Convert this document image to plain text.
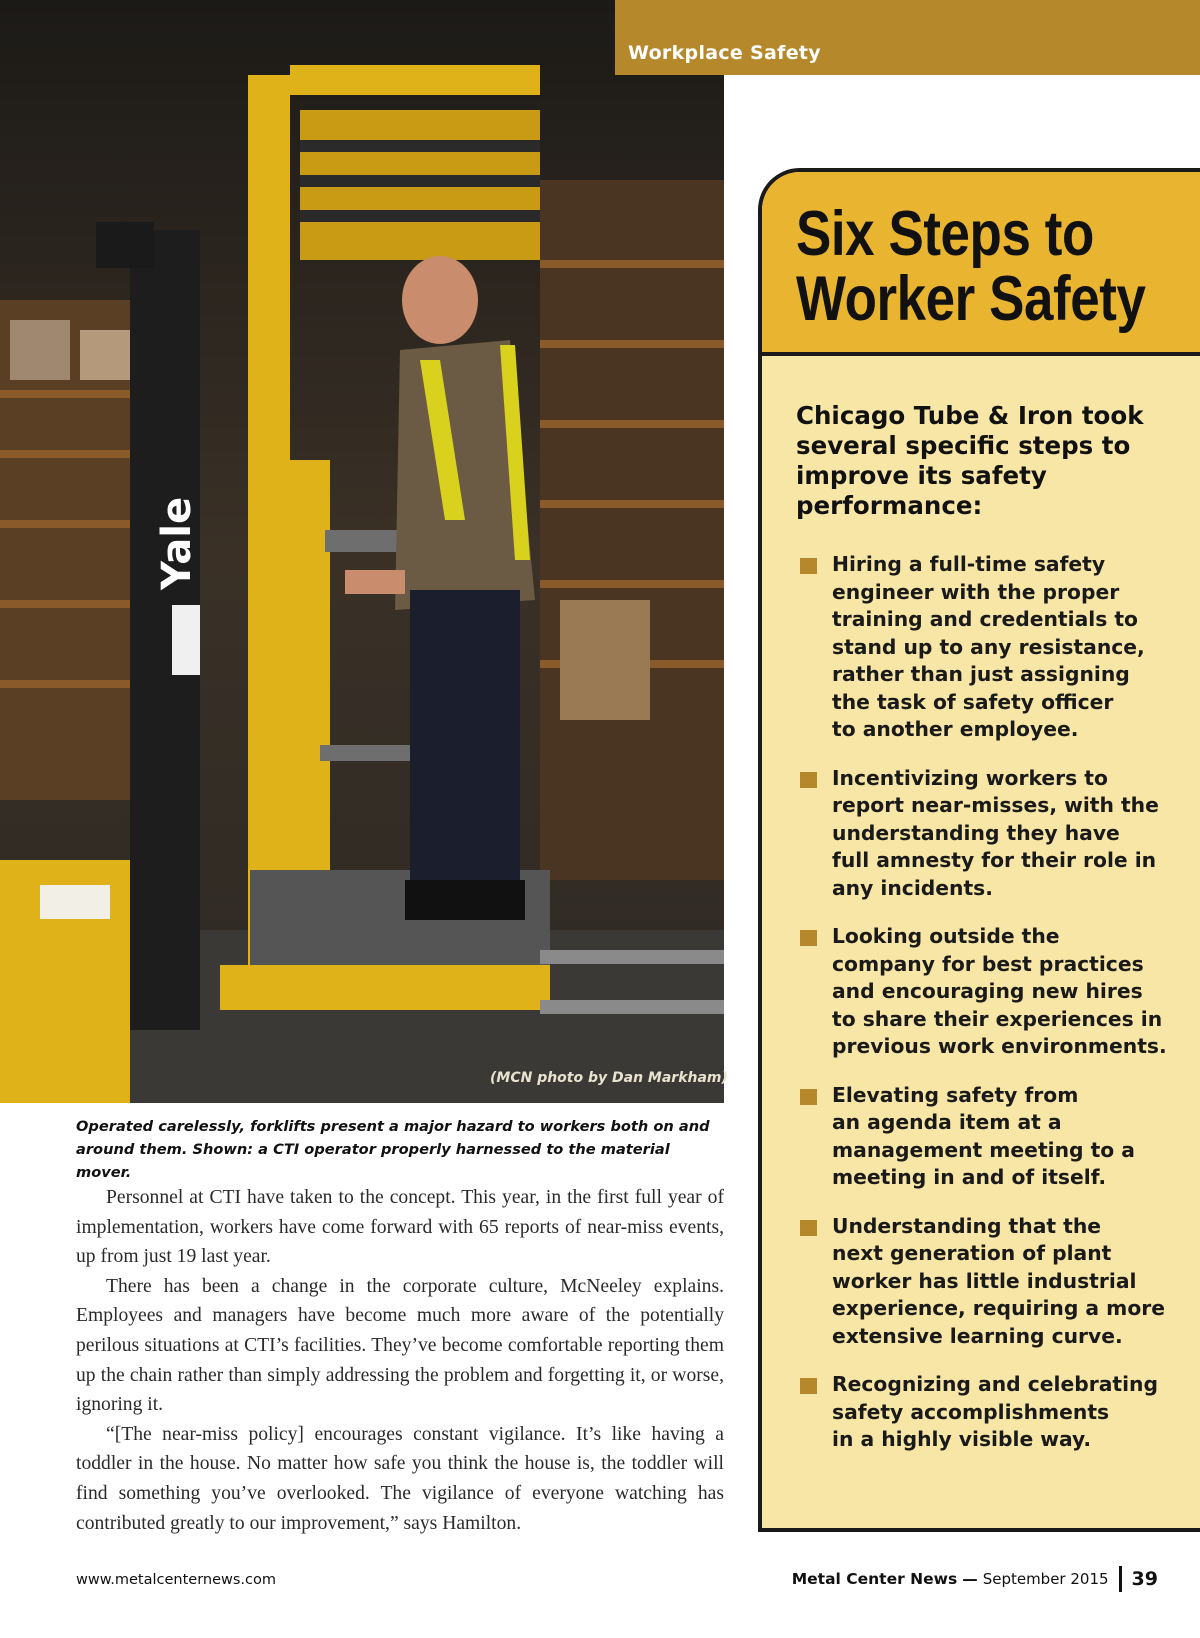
Yale
Workplace Safety
(MCN photo by Dan Markham)
Operated carelessly, forklifts present a major hazard to workers both on and around them. Shown: a CTI operator properly harnessed to the material mover.

Personnel at CTI have taken to the concept. This year, in the first full year of implementation, workers have come forward with 65 reports of near-miss events, up from just 19 last year.

There has been a change in the corporate culture, McNeeley explains. Employees and managers have become much more aware of the potentially perilous situations at CTI’s facilities. They’ve become comfortable reporting them up the chain rather than simply addressing the problem and forgetting it, or worse, ignoring it.

“[The near-miss policy] encourages constant vigilance. It’s like having a toddler in the house. No matter how safe you think the house is, the toddler will find something you’ve overlooked. The vigilance of everyone watching has contributed greatly to our improvement,” says Hamilton.

Six Steps to
Worker Safety
Chicago Tube & Iron took several specific steps to improve its safety performance:
Hiring a full-time safety
engineer with the proper
training and credentials to
stand up to any resistance,
rather than just assigning
the task of safety officer
to another employee.
Incentivizing workers to
report near-misses, with the
understanding they have
full amnesty for their role in
any incidents.
Looking outside the
company for best practices
and encouraging new hires
to share their experiences in
previous work environments.
Elevating safety from
an agenda item at a
management meeting to a
meeting in and of itself.
Understanding that the
next generation of plant
worker has little industrial
experience, requiring a more
extensive learning curve.
Recognizing and celebrating
safety accomplishments
in a highly visible way.
www.metalcenternews.com	Metal Center News — September 2015 39
